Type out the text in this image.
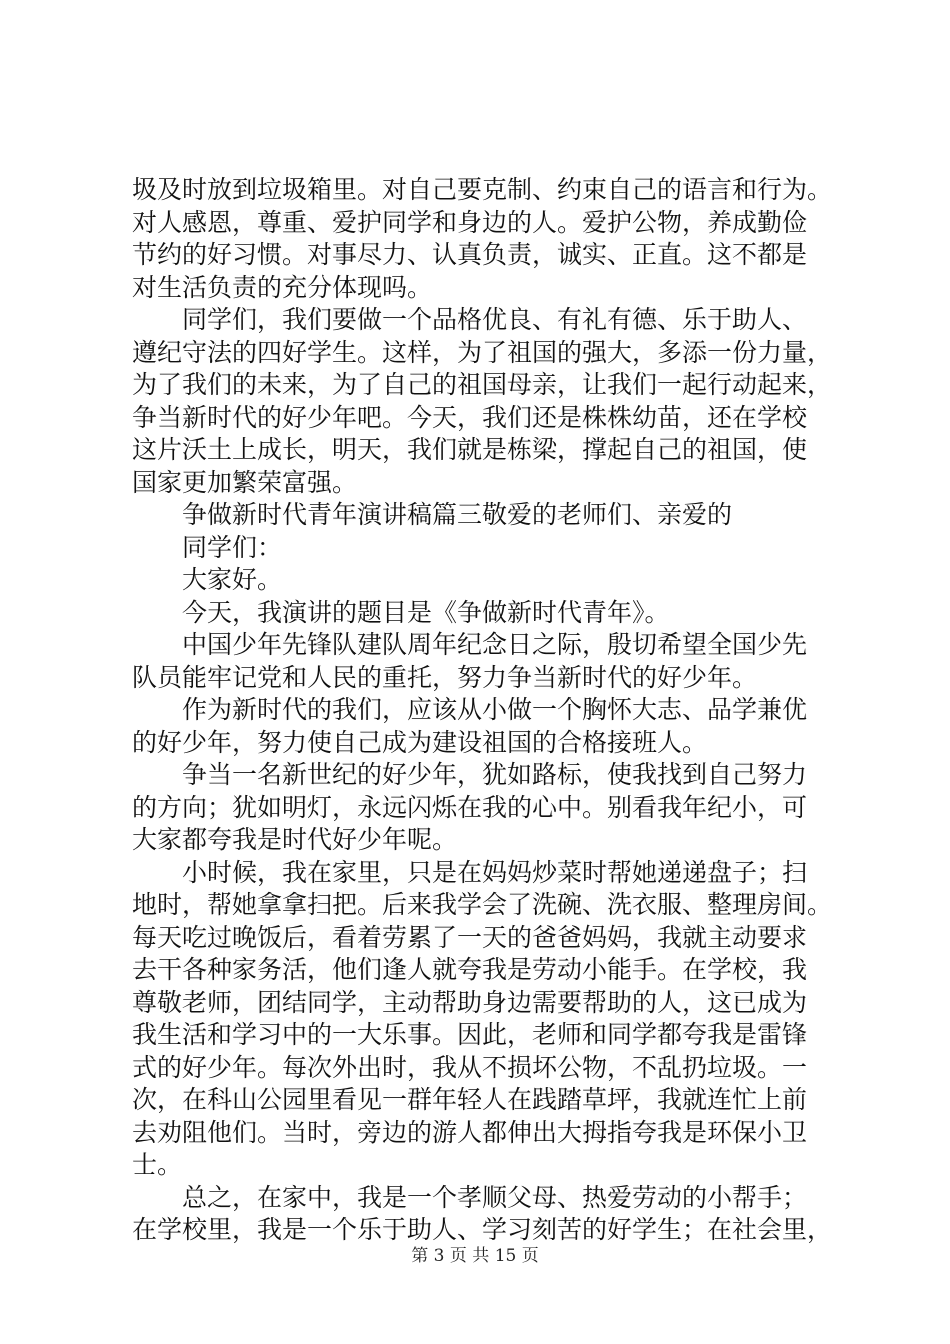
圾及时放到垃圾箱里。对自己要克制、约束自己的语言和行为。
对人感恩，尊重、爱护同学和身边的人。爱护公物，养成勤俭
节约的好习惯。对事尽力、认真负责，诚实、正直。这不都是
对生活负责的充分体现吗。
同学们，我们要做一个品格优良、有礼有德、乐于助人、
遵纪守法的四好学生。这样，为了祖国的强大，多添一份力量，
为了我们的未来，为了自己的祖国母亲，让我们一起行动起来，
争当新时代的好少年吧。今天，我们还是株株幼苗，还在学校
这片沃土上成长，明天，我们就是栋梁，撑起自己的祖国，使
国家更加繁荣富强。
争做新时代青年演讲稿篇三敬爱的老师们、亲爱的
同学们：
大家好。
今天，我演讲的题目是《争做新时代青年》。
中国少年先锋队建队周年纪念日之际，殷切希望全国少先
队员能牢记党和人民的重托，努力争当新时代的好少年。
作为新时代的我们，应该从小做一个胸怀大志、品学兼优
的好少年，努力使自己成为建设祖国的合格接班人。
争当一名新世纪的好少年，犹如路标，使我找到自己努力
的方向；犹如明灯，永远闪烁在我的心中。别看我年纪小，可
大家都夸我是时代好少年呢。
小时候，我在家里，只是在妈妈炒菜时帮她递递盘子；扫
地时，帮她拿拿扫把。后来我学会了洗碗、洗衣服、整理房间。
每天吃过晚饭后，看着劳累了一天的爸爸妈妈，我就主动要求
去干各种家务活，他们逢人就夸我是劳动小能手。在学校，我
尊敬老师，团结同学，主动帮助身边需要帮助的人，这已成为
我生活和学习中的一大乐事。因此，老师和同学都夸我是雷锋
式的好少年。每次外出时，我从不损坏公物，不乱扔垃圾。一
次，在科山公园里看见一群年轻人在践踏草坪，我就连忙上前
去劝阻他们。当时，旁边的游人都伸出大拇指夸我是环保小卫
士。
总之，在家中，我是一个孝顺父母、热爱劳动的小帮手；
在学校里，我是一个乐于助人、学习刻苦的好学生；在社会里，
第 3 页 共 15 页
